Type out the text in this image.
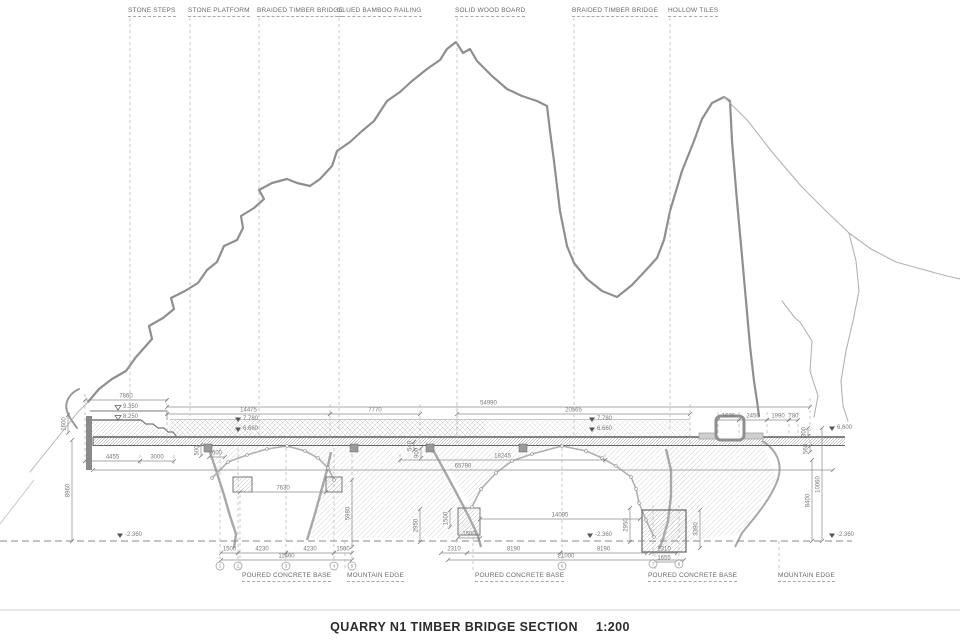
7860
54990
14475	7770	20565
1635 2450 1990 780
4455	3000
600	18245
65790
7630
14095
1500
1500	4230	4230	1500
11460
2310	8190	8190
21000
2310
1655
1600
8960
500	540
900
5980
2950
1500	2950	3390
300
560
10060
8400
9.350
8.250	7.780
6.660
7.780
6.660	6.600
-2.360	-2.360	-2.360
1	2	3	4	5	6	7	8
STONE STEPS STONE PLATFORM BRAIDED TIMBER BRIDGE
GLUED BAMBOO RAILING	SOLID WOOD BOARD	BRAIDED TIMBER BRIDGE HOLLOW TILES
POURED CONCRETE BASE MOUNTAIN EDGE	POURED CONCRETE BASE	POURED CONCRETE BASE	MOUNTAIN EDGE
QUARRY N1 TIMBER BRIDGE SECTION 1:200
